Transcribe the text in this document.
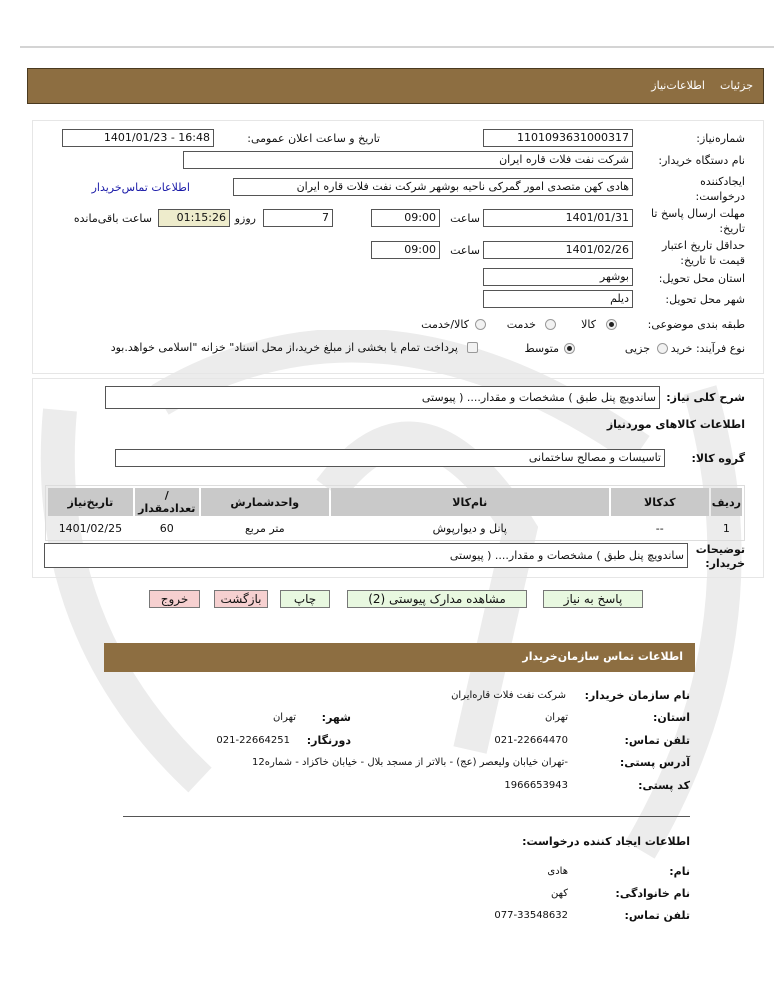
جزئیات
اطلاعات‌نیاز
شماره‌نیاز:
1101093631000317
تاریخ و ساعت اعلان عمومی:
1401/01/23 - 16:48
نام دستگاه خریدار:
شرکت نفت فلات قاره ایران
ایجادکننده درخواست:
هادی کهن متصدی امور گمرکی ناحیه بوشهر شرکت نفت فلات قاره ایران
اطلاعات تماس‌خریدار
مهلت ارسال پاسخ تا تاریخ:
1401/01/31
ساعت
09:00
7
روزو
01:15:26
ساعت باقی‌مانده
حداقل تاریخ اعتبار قیمت تا تاریخ:
1401/02/26
ساعت
09:00
استان محل تحویل:
بوشهر
شهر محل تحویل:
دیلم
طبقه بندی موضوعی:
کالا
خدمت
کالا/خدمت
نوع فرآیند: خرید
جزیی
متوسط
پرداخت تمام یا بخشی از مبلغ خرید،از محل اسناد" خزانه "اسلامی خواهد.بود
شرح کلی نیاز:
ساندویچ پنل طبق ) مشخصات و مقدار.... ( پیوستی
اطلاعات کالاهای موردنیاز
گروه کالا:
تاسیسات و مصالح ساختمانی
ردیف	کدکالا	نام‌کالا	واحدشمارش	/ تعدادمقدار	تاریخ‌نیاز
1	--	پانل و دیوارپوش	متر مربع	60	1401/02/25
توضیحات خریدار:
ساندویچ پنل طبق ) مشخصات و مقدار.... ( پیوستی
پاسخ به نیاز
مشاهده مدارک پیوستی (2)
چاپ
بازگشت
خروج
اطلاعات تماس سازمان‌خریدار
نام سازمان خریدار:
شرکت نفت فلات قاره‌ایران
استان:
تهران
شهر:
تهران
تلفن تماس:
021-22664470
دورنگار:
021-22664251
آدرس پستی:
-تهران خیابان ولیعصر (عج) - بالاتر از مسجد بلال - خیابان خاکزاد - شماره12
کد پستی:
1966653943
اطلاعات ایجاد کننده درخواست:
نام:
هادی
نام خانوادگی:
کهن
تلفن تماس:
077-33548632
